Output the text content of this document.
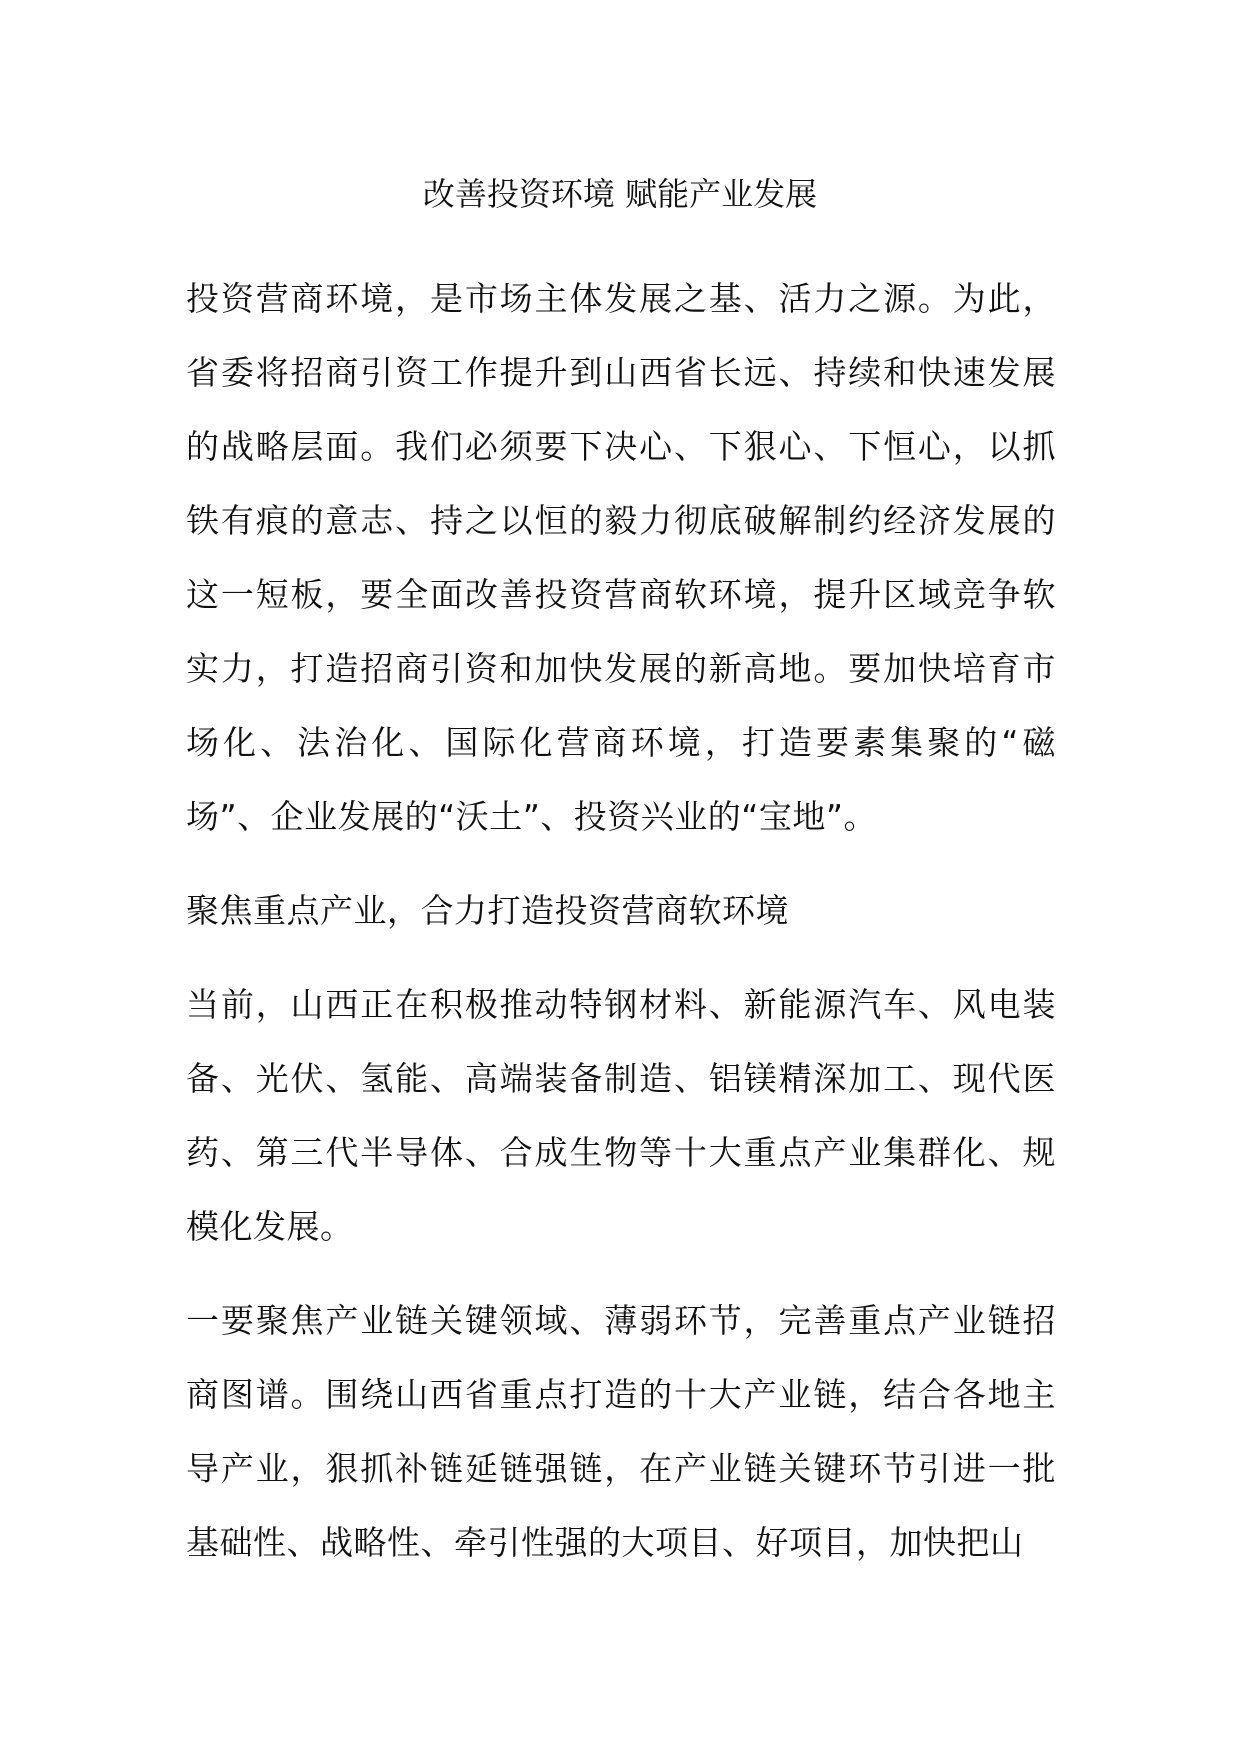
改善投资环境 赋能产业发展

投资营商环境，是市场主体发展之基、活力之源。为此，省委将招商引资工作提升到山西省长远、持续和快速发展的战略层面。我们必须要下决心、下狠心、下恒心，以抓铁有痕的意志、持之以恒的毅力彻底破解制约经济发展的这一短板，要全面改善投资营商软环境，提升区域竞争软实力，打造招商引资和加快发展的新高地。要加快培育市场化、法治化、国际化营商环境，打造要素集聚的“磁场”、企业发展的“沃土”、投资兴业的“宝地”。

聚焦重点产业，合力打造投资营商软环境

当前，山西正在积极推动特钢材料、新能源汽车、风电装备、光伏、氢能、高端装备制造、铝镁精深加工、现代医药、第三代半导体、合成生物等十大重点产业集群化、规模化发展。

一要聚焦产业链关键领域、薄弱环节，完善重点产业链招商图谱。围绕山西省重点打造的十大产业链，结合各地主导产业，狠抓补链延链强链，在产业链关键环节引进一批基础性、战略性、牵引性强的大项目、好项目，加快把山
